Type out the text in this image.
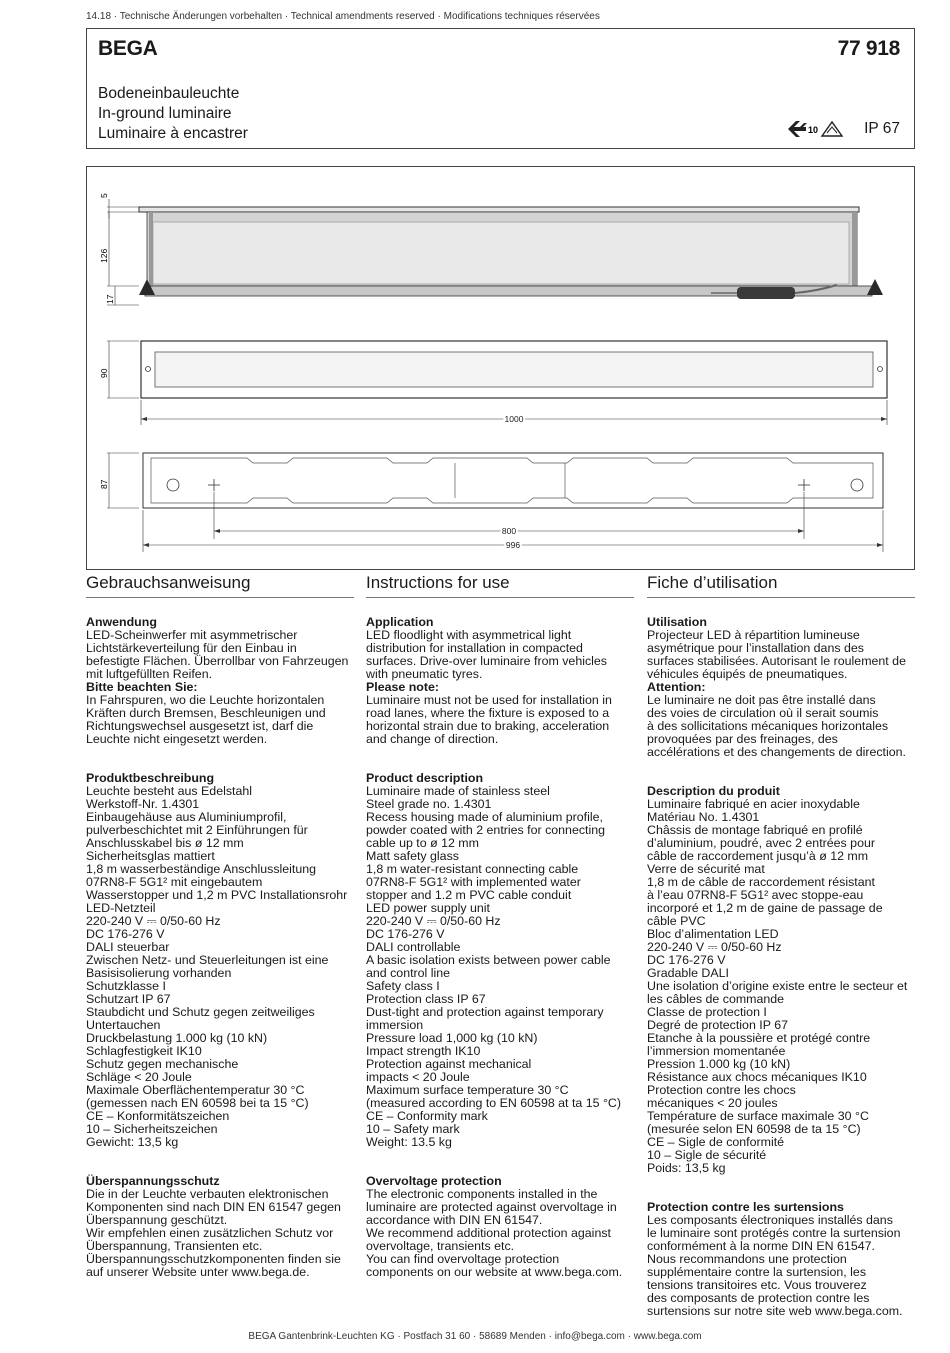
14.18 · Technische Änderungen vorbehalten · Technical amendments reserved · Modifications techniques réservées
BEGA	77 918
Bodeneinbauleuchte
In-ground luminaire
Luminaire à encastrer	10	IP 67
5
126
17
90
1000
87
800
996
Gebrauchsanweisung
Anwendung
LED-Scheinwerfer mit asymmetrischer
Lichtstärkeverteilung für den Einbau in
befestigte Flächen. Überrollbar von Fahrzeugen
mit luftgefüllten Reifen.
Bitte beachten Sie:
In Fahrspuren, wo die Leuchte horizontalen
Kräften durch Bremsen, Beschleunigen und
Richtungswechsel ausgesetzt ist, darf die
Leuchte nicht eingesetzt werden.
Produktbeschreibung
Leuchte besteht aus Edelstahl
Werkstoff-Nr. 1.4301
Einbaugehäuse aus Aluminiumprofil,
pulverbeschichtet mit 2 Einführungen für
Anschlusskabel bis ø 12 mm
Sicherheitsglas mattiert
1,8 m wasserbeständige Anschlussleitung
07RN8-F 5G1² mit eingebautem
Wasserstopper und 1,2 m PVC Installationsrohr
LED-Netzteil
220-240 V ⎓ 0/50-60 Hz
DC 176-276 V
DALI steuerbar
Zwischen Netz- und Steuerleitungen ist eine
Basisisolierung vorhanden
Schutzklasse I
Schutzart IP 67
Staubdicht und Schutz gegen zeitweiliges
Untertauchen
Druckbelastung 1.000 kg (10 kN)
Schlagfestigkeit IK10
Schutz gegen mechanische
Schläge < 20 Joule
Maximale Oberflächentemperatur 30 °C
(gemessen nach EN 60598 bei ta 15 °C)
CE – Konformitätszeichen
10 – Sicherheitszeichen
Gewicht: 13,5 kg
Überspannungsschutz
Die in der Leuchte verbauten elektronischen
Komponenten sind nach DIN EN 61547 gegen
Überspannung geschützt.
Wir empfehlen einen zusätzlichen Schutz vor
Überspannung, Transienten etc.
Überspannungsschutzkomponenten finden sie
auf unserer Website unter www.bega.de.
Instructions for use
Application
LED floodlight with asymmetrical light
distribution for installation in compacted
surfaces. Drive-over luminaire from vehicles
with pneumatic tyres.
Please note:
Luminaire must not be used for installation in
road lanes, where the fixture is exposed to a
horizontal strain due to braking, acceleration
and change of direction.
Product description
Luminaire made of stainless steel
Steel grade no. 1.4301
Recess housing made of aluminium profile,
powder coated with 2 entries for connecting
cable up to ø 12 mm
Matt safety glass
1,8 m water-resistant connecting cable
07RN8-F 5G1² with implemented water
stopper and 1.2 m PVC cable conduit
LED power supply unit
220-240 V ⎓ 0/50-60 Hz
DC 176-276 V
DALI controllable
A basic isolation exists between power cable
and control line
Safety class I
Protection class IP 67
Dust-tight and protection against temporary
immersion
Pressure load 1,000 kg (10 kN)
Impact strength IK10
Protection against mechanical
impacts < 20 Joule
Maximum surface temperature 30 °C
(measured according to EN 60598 at ta 15 °C)
CE – Conformity mark
10 – Safety mark
Weight: 13.5 kg
Overvoltage protection
The electronic components installed in the
luminaire are protected against overvoltage in
accordance with DIN EN 61547.
We recommend additional protection against
overvoltage, transients etc.
You can find overvoltage protection
components on our website at www.bega.com.
Fiche d’utilisation
Utilisation
Projecteur LED à répartition lumineuse
asymétrique pour l’installation dans des
surfaces stabilisées. Autorisant le roulement de
véhicules équipés de pneumatiques.
Attention:
Le luminaire ne doit pas être installé dans
des voies de circulation où il serait soumis
à des sollicitations mécaniques horizontales
provoquées par des freinages, des
accélérations et des changements de direction.
Description du produit
Luminaire fabriqué en acier inoxydable
Matériau No. 1.4301
Châssis de montage fabriqué en profilé
d’aluminium, poudré, avec 2 entrées pour
câble de raccordement jusqu’à ø 12 mm
Verre de sécurité mat
1,8 m de câble de raccordement résistant
à l’eau 07RN8-F 5G1² avec stoppe-eau
incorporé et 1,2 m de gaine de passage de
câble PVC
Bloc d’alimentation LED
220-240 V ⎓ 0/50-60 Hz
DC 176-276 V
Gradable DALI
Une isolation d’origine existe entre le secteur et
les câbles de commande
Classe de protection I
Degré de protection IP 67
Etanche à la poussière et protégé contre
l’immersion momentanée
Pression 1.000 kg (10 kN)
Résistance aux chocs mécaniques IK10
Protection contre les chocs
mécaniques < 20 joules
Température de surface maximale 30 °C
(mesurée selon EN 60598 de ta 15 °C)
CE – Sigle de conformité
10 – Sigle de sécurité
Poids: 13,5 kg
Protection contre les surtensions
Les composants électroniques installés dans
le luminaire sont protégés contre la surtension
conformément à la norme DIN EN 61547.
Nous recommandons une protection
supplémentaire contre la surtension, les
tensions transitoires etc. Vous trouverez
des composants de protection contre les
surtensions sur notre site web www.bega.com.
BEGA Gantenbrink-Leuchten KG · Postfach 31 60 · 58689 Menden · info@bega.com · www.bega.com
